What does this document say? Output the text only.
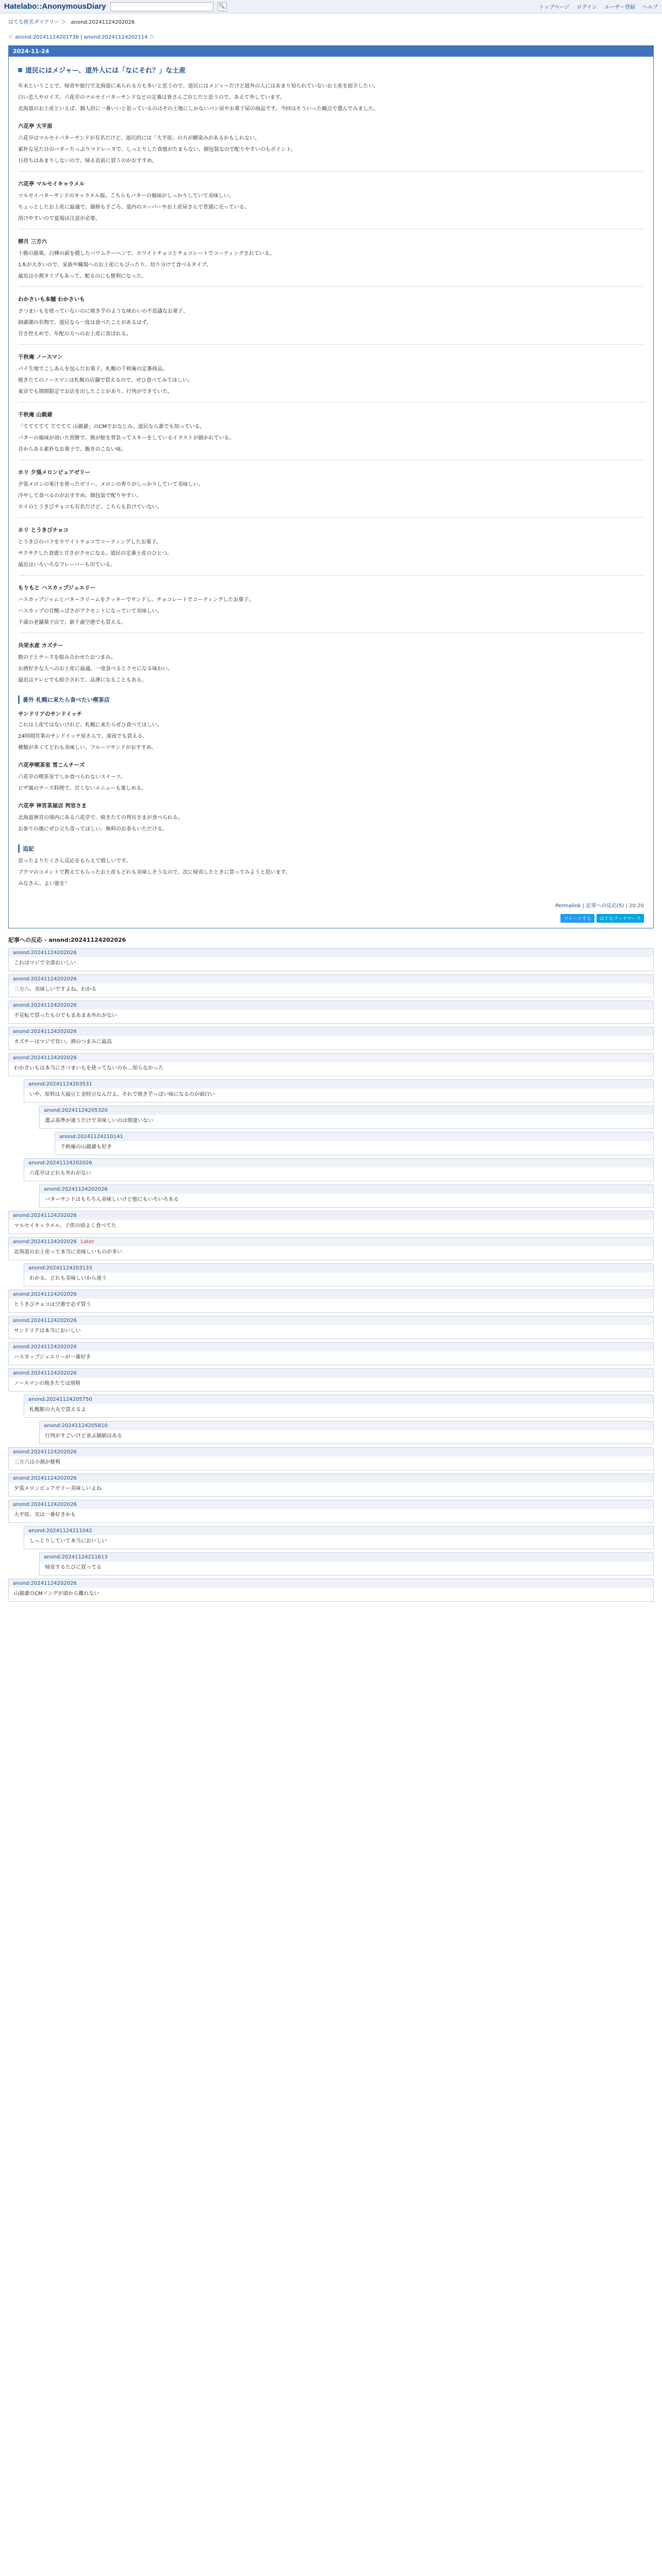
Hatelabo::AnonymousDiary	🔍	トップページ ログイン ユーザー登録 ヘルプ
はてな匿名ダイアリー ＞ anond:20241124202026
＜ anond:20241124201738 | anond:20241124202114 ＞
2024-11-24
道民にはメジャー、道外人には「なにそれ？」な土産

年末ということで、帰省や旅行で北海道に来られる方も多いと思うので、道民にはメジャーだけど道外の人にはあまり知られていないお土産を紹介したい。

白い恋人やロイズ、六花亭のマルセイバターサンドなどの定番は皆さんご存じだと思うので、あえて外しています。

北海道のお土産といえば、個人的に一番いいと思っているのはその土地にしかないパン屋やお菓子屋の商品です。今回はそういった観点で選んでみました。

六花亭 大平原

六花亭はマルセイバターサンドが有名だけど、道民的には「大平原」の方が馴染みがあるかもしれない。

素朴な見た目のバターたっぷりマドレーヌで、しっとりした食感がたまらない。個包装なので配りやすいのもポイント。

日持ちはあまりしないので、帰る直前に買うのがおすすめ。

六花亭 マルセイキャラメル

マルセイバターサンドのキャラメル版。こちらもバターの風味がしっかりしていて美味しい。

ちょっとしたお土産に最適で、価格も手ごろ。道内のスーパーやお土産屋さんで普通に売っている。

溶けやすいので夏場は注意が必要。

柳月 三方六

十勝の銘菓。白樺の薪を模したバウムクーヘンで、ホワイトチョコとチョコレートでコーティングされている。

1本が大きいので、家族や職場へのお土産にもぴったり。切り分けて食べるタイプ。

最近は小割タイプもあって、配るのにも便利になった。

わかさいも本舗 わかさいも

さつまいもを使っていないのに焼き芋のような味わいの不思議なお菓子。

洞爺湖の名物で、道民なら一度は食べたことがあるはず。

甘さ控えめで、年配の方へのお土産に喜ばれる。

千秋庵 ノースマン

パイ生地でこしあんを包んだお菓子。札幌の千秋庵の定番商品。

焼きたてのノースマンは札幌の店舗で買えるので、ぜひ食べてみてほしい。

東京でも期間限定でお店を出したことがあり、行列ができていた。

千秋庵 山親爺

「ててててて てててて 山親爺」のCMでおなじみ。道民なら誰でも知っている。

バターの風味が効いた煎餅で、熊が鮭を背負ってスキーをしているイラストが描かれている。

昔からある素朴なお菓子で、飽きのこない味。

ホリ 夕張メロンピュアゼリー

夕張メロンの果汁を使ったゼリー。メロンの香りがしっかりしていて美味しい。

冷やして食べるのがおすすめ。個包装で配りやすい。

ホリのとうきびチョコも有名だけど、こちらも負けていない。

ホリ とうきびチョコ

とうきびのパフをホワイトチョコでコーティングしたお菓子。

サクサクした食感と甘さがクセになる。道民の定番土産のひとつ。

最近はいろいろなフレーバーも出ている。

もりもと ハスカップジュエリー

ハスカップジャムとバタークリームをクッキーでサンドし、チョコレートでコーティングしたお菓子。

ハスカップの甘酸っぱさがアクセントになっていて美味しい。

千歳の老舗菓子店で、新千歳空港でも買える。

共栄水産 カズチー

数の子とチーズを組み合わせたおつまみ。

お酒好きな人へのお土産に最適。一度食べるとクセになる味わい。

最近はテレビでも紹介されて、品薄になることもある。

番外 札幌に来たら食べたい喫茶店
サンドリアのサンドイッチ

これは土産ではないけれど、札幌に来たらぜひ食べてほしい。

24時間営業のサンドイッチ屋さんで、深夜でも買える。

種類が多くてどれも美味しい。フルーツサンドがおすすめ。

六花亭喫茶室 雪こんチーズ

六花亭の喫茶室でしか食べられないスイーツ。

ピザ風のチーズ料理で、甘くないメニューも楽しめる。

六花亭 神宮茶屋店 判官さま

北海道神宮の境内にある六花亭で、焼きたての判官さまが食べられる。

お参りの後にぜひ立ち寄ってほしい。無料のお茶もいただける。

追記

思ったよりたくさん反応をもらえて嬉しいです。

ブクマのコメントで教えてもらったお土産もどれも美味しそうなので、次に帰省したときに買ってみようと思います。

みなさん、よい旅を！

Permalink | 記事への反応(5) | 20:20
ツイートする	はてなブックマーク
記事への反応 - anond:20241124202026
anond:20241124202026
これはマジで全部おいしい
anond:20241124202026
三方六、美味しいですよね。わかる
anond:20241124202026
不見転で買ったものでもまあまあ外れがない
anond:20241124202026
カズチーはマジで旨い。酒のつまみに最高
anond:20241124202026
わかさいもは本当にさつまいもを使ってないのか…知らなかった
anond:20241124203531
いや、原料は大福豆と金時豆なんだよ。それで焼き芋っぽい味になるのが面白い
anond:20241124205320
選ぶ基準が違うだけで美味しいのは間違いない
anond:20241124210141
千秋庵の山親爺も好き
anond:20241124202026
六花亭はどれも外れがない
anond:20241124202026
バターサンドはもちろん美味しいけど他にもいろいろある
anond:20241124202026
マルセイキャラメル、子供の頃よく食べてた
anond:20241124202026 Later
北海道のお土産って本当に美味しいものが多い
anond:20241124203133
わかる。どれも美味しいから迷う
anond:20241124202026
とうきびチョコは空港で必ず買う
anond:20241124202026
サンドリアは本当においしい
anond:20241124202026
ハスカップジュエリーが一番好き
anond:20241124202026
ノースマンの焼きたては別格
anond:20241124205750
札幌駅の大丸で買えるよ
anond:20241124205810
行列がすごいけど並ぶ価値はある
anond:20241124202026
三方六は小割が便利
anond:20241124202026
夕張メロンピュアゼリー美味しいよね
anond:20241124202026
大平原、実は一番好きかも
anond:20241124211042
しっとりしていて本当においしい
anond:20241124211613
帰省するたびに買ってる
anond:20241124202026
山親爺のCMソングが頭から離れない
